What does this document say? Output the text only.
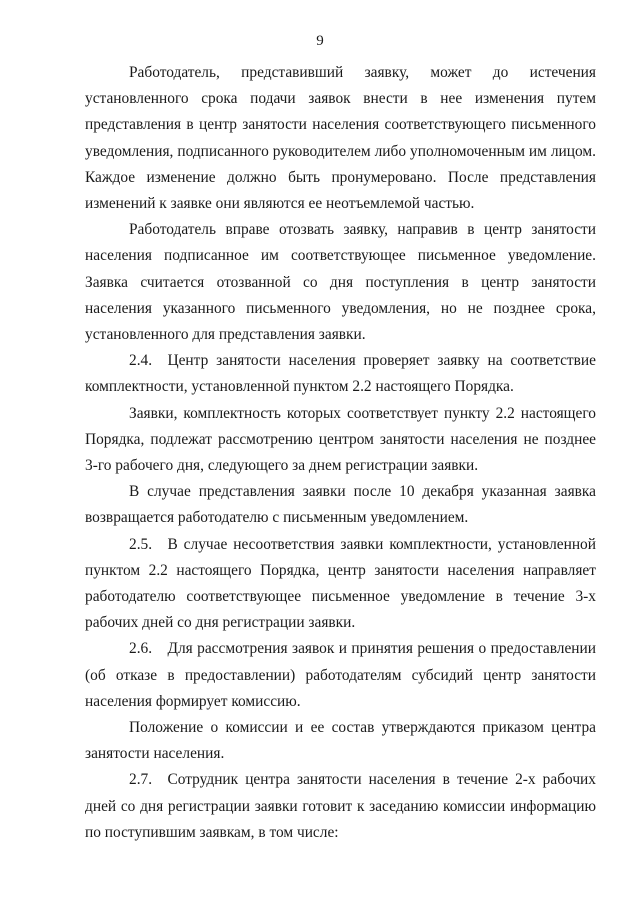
9

Работодатель, представивший заявку, может до истечения установленного срока подачи заявок внести в нее изменения путем представления в центр занятости населения соответствующего письменного уведомления, подписанного руководителем либо уполномоченным им лицом. Каждое изменение должно быть пронумеровано. После представления изменений к заявке они являются ее неотъемлемой частью.

Работодатель вправе отозвать заявку, направив в центр занятости населения подписанное им соответствующее письменное уведомление. Заявка считается отозванной со дня поступления в центр занятости населения указанного письменного уведомления, но не позднее срока, установленного для представления заявки.

2.4. Центр занятости населения проверяет заявку на соответствие комплектности, установленной пунктом 2.2 настоящего Порядка.

Заявки, комплектность которых соответствует пункту 2.2 настоящего Порядка, подлежат рассмотрению центром занятости населения не позднее 3-го рабочего дня, следующего за днем регистрации заявки.

В случае представления заявки после 10 декабря указанная заявка возвращается работодателю с письменным уведомлением.

2.5. В случае несоответствия заявки комплектности, установленной пунктом 2.2 настоящего Порядка, центр занятости населения направляет работодателю соответствующее письменное уведомление в течение 3-х рабочих дней со дня регистрации заявки.

2.6. Для рассмотрения заявок и принятия решения о предоставлении (об отказе в предоставлении) работодателям субсидий центр занятости населения формирует комиссию.

Положение о комиссии и ее состав утверждаются приказом центра занятости населения.

2.7. Сотрудник центра занятости населения в течение 2-х рабочих дней со дня регистрации заявки готовит к заседанию комиссии информацию по поступившим заявкам, в том числе:
